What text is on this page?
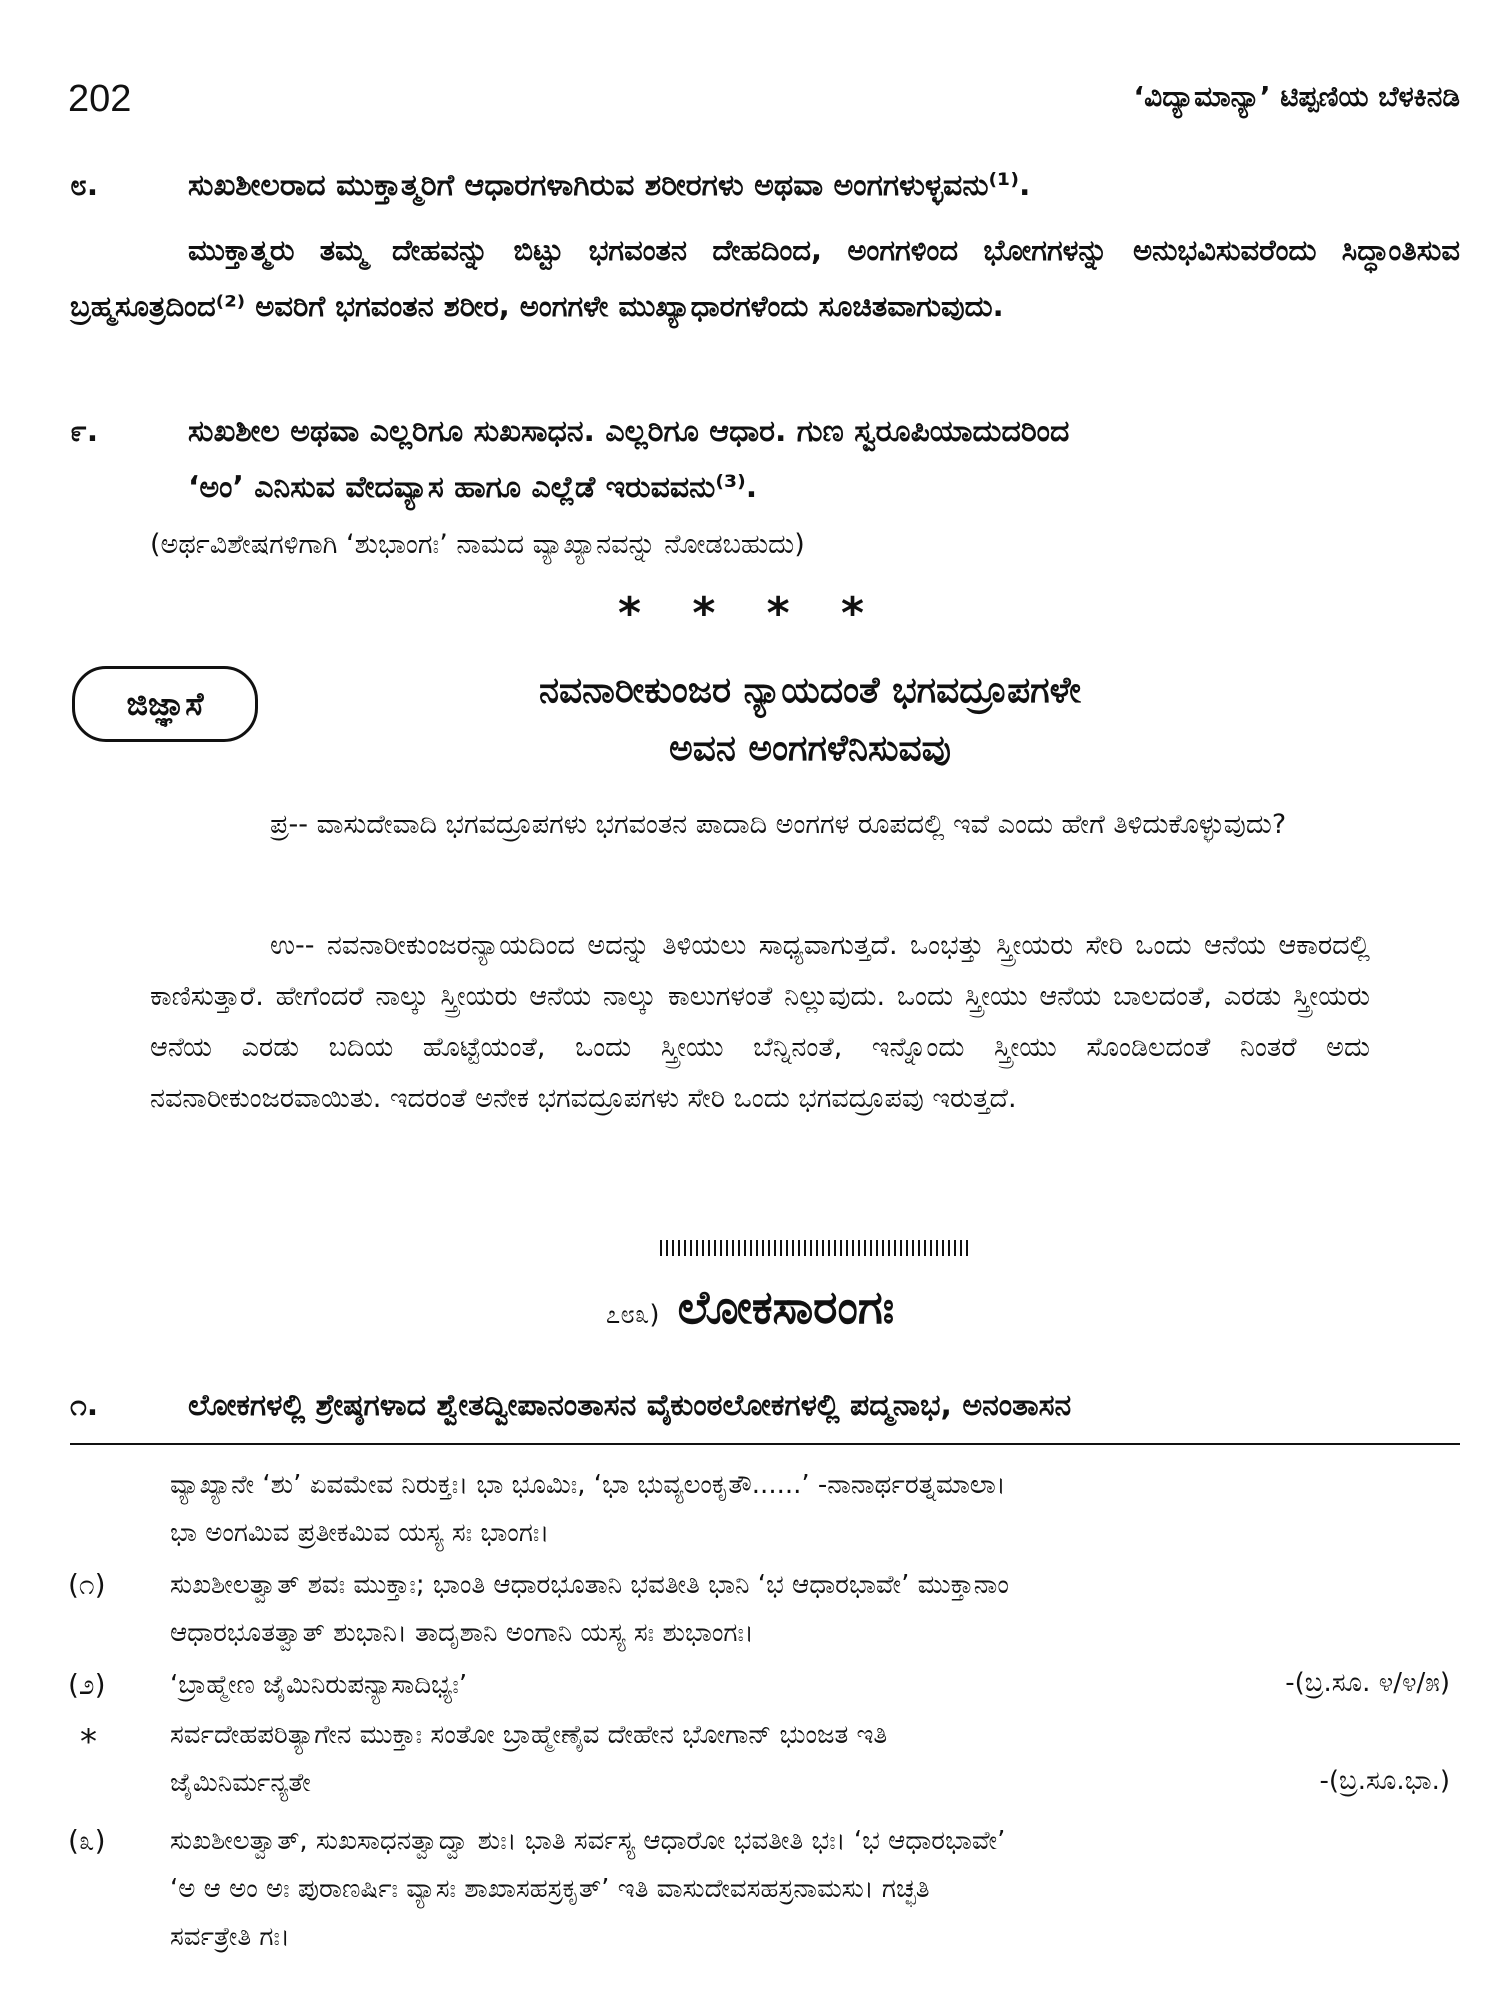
202	‘ವಿದ್ಯಾಮಾನ್ಯಾ’ ಟಿಪ್ಪಣಿಯ ಬೆಳಕಿನಡಿ
೮.	ಸುಖಶೀಲರಾದ ಮುಕ್ತಾತ್ಮರಿಗೆ ಆಧಾರಗಳಾಗಿರುವ ಶರೀರಗಳು ಅಥವಾ ಅಂಗಗಳುಳ್ಳವನು⁽¹⁾.
ಮುಕ್ತಾತ್ಮರು ತಮ್ಮ ದೇಹವನ್ನು ಬಿಟ್ಟು ಭಗವಂತನ ದೇಹದಿಂದ, ಅಂಗಗಳಿಂದ ಭೋಗಗಳನ್ನು ಅನುಭವಿಸುವರೆಂದು ಸಿದ್ಧಾಂತಿಸುವ ಬ್ರಹ್ಮಸೂತ್ರದಿಂದ⁽²⁾ ಅವರಿಗೆ ಭಗವಂತನ ಶರೀರ, ಅಂಗಗಳೇ ಮುಖ್ಯಾಧಾರಗಳೆಂದು ಸೂಚಿತವಾಗುವುದು.
೯.	ಸುಖಶೀಲ ಅಥವಾ ಎಲ್ಲರಿಗೂ ಸುಖಸಾಧನ. ಎಲ್ಲರಿಗೂ ಆಧಾರ. ಗುಣ ಸ್ವರೂಪಿಯಾದುದರಿಂದ
‘ಅಂ’ ಎನಿಸುವ ವೇದವ್ಯಾಸ ಹಾಗೂ ಎಲ್ಲೆಡೆ ಇರುವವನು⁽³⁾.
(ಅರ್ಥವಿಶೇಷಗಳಿಗಾಗಿ ‘ಶುಭಾಂಗಃ’ ನಾಮದ ವ್ಯಾಖ್ಯಾನವನ್ನು ನೋಡಬಹುದು)
* * * *
ಜಿಜ್ಞಾಸೆ	ನವನಾರೀಕುಂಜರ ನ್ಯಾಯದಂತೆ ಭಗವದ್ರೂಪಗಳೇ
ಅವನ ಅಂಗಗಳೆನಿಸುವವು
ಪ್ರ-- ವಾಸುದೇವಾದಿ ಭಗವದ್ರೂಪಗಳು ಭಗವಂತನ ಪಾದಾದಿ ಅಂಗಗಳ ರೂಪದಲ್ಲಿ ಇವೆ ಎಂದು ಹೇಗೆ ತಿಳಿದುಕೊಳ್ಳುವುದು?
ಉ-- ನವನಾರೀಕುಂಜರನ್ಯಾಯದಿಂದ ಅದನ್ನು ತಿಳಿಯಲು ಸಾಧ್ಯವಾಗುತ್ತದೆ. ಒಂಭತ್ತು ಸ್ತ್ರೀಯರು ಸೇರಿ ಒಂದು ಆನೆಯ ಆಕಾರದಲ್ಲಿ ಕಾಣಿಸುತ್ತಾರೆ. ಹೇಗೆಂದರೆ ನಾಲ್ಕು ಸ್ತ್ರೀಯರು ಆನೆಯ ನಾಲ್ಕು ಕಾಲುಗಳಂತೆ ನಿಲ್ಲುವುದು. ಒಂದು ಸ್ತ್ರೀಯು ಆನೆಯ ಬಾಲದಂತೆ, ಎರಡು ಸ್ತ್ರೀಯರು ಆನೆಯ ಎರಡು ಬದಿಯ ಹೊಟ್ಟೆಯಂತೆ, ಒಂದು ಸ್ತ್ರೀಯು ಬೆನ್ನಿನಂತೆ, ಇನ್ನೊಂದು ಸ್ತ್ರೀಯು ಸೊಂಡಿಲದಂತೆ ನಿಂತರೆ ಅದು ನವನಾರೀಕುಂಜರವಾಯಿತು. ಇದರಂತೆ ಅನೇಕ ಭಗವದ್ರೂಪಗಳು ಸೇರಿ ಒಂದು ಭಗವದ್ರೂಪವು ಇರುತ್ತದೆ.
೭೮೩) ಲೋಕಸಾರಂಗಃ
೧.	ಲೋಕಗಳಲ್ಲಿ ಶ್ರೇಷ್ಠಗಳಾದ ಶ್ವೇತದ್ವೀಪಾನಂತಾಸನ ವೈಕುಂಠಲೋಕಗಳಲ್ಲಿ ಪದ್ಮನಾಭ, ಅನಂತಾಸನ
ವ್ಯಾಖ್ಯಾನೇ ‘ಶು’ ಏವಮೇವ ನಿರುಕ್ತಃ। ಭಾ ಭೂಮಿಃ, ‘ಭಾ ಭುವ್ಯಲಂಕೃತೌ......’ -ನಾನಾರ್ಥರತ್ನಮಾಲಾ।
ಭಾ ಅಂಗಮಿವ ಪ್ರತೀಕಮಿವ ಯಸ್ಯ ಸಃ ಭಾಂಗಃ।
(೧) ಸುಖಶೀಲತ್ವಾತ್ ಶವಃ ಮುಕ್ತಾಃ; ಭಾಂತಿ ಆಧಾರಭೂತಾನಿ ಭವತೀತಿ ಭಾನಿ ‘ಭ ಆಧಾರಭಾವೇ’ ಮುಕ್ತಾನಾಂ
ಆಧಾರಭೂತತ್ವಾತ್ ಶುಭಾನಿ। ತಾದೃಶಾನಿ ಅಂಗಾನಿ ಯಸ್ಯ ಸಃ ಶುಭಾಂಗಃ।
(೨) ‘ಬ್ರಾಹ್ಮೇಣ ಜೈಮಿನಿರುಪನ್ಯಾಸಾದಿಭ್ಯಃ’	-(ಬ್ರ.ಸೂ. ೪/೪/೫)
*	ಸರ್ವದೇಹಪರಿತ್ಯಾಗೇನ ಮುಕ್ತಾಃ ಸಂತೋ ಬ್ರಾಹ್ಮೇಣೈವ ದೇಹೇನ ಭೋಗಾನ್ ಭುಂಜತ ಇತಿ
ಜೈಮಿನಿರ್ಮನ್ಯತೇ	-(ಬ್ರ.ಸೂ.ಭಾ.)
(೩) ಸುಖಶೀಲತ್ವಾತ್, ಸುಖಸಾಧನತ್ವಾದ್ವಾ ಶುಃ। ಭಾತಿ ಸರ್ವಸ್ಯ ಆಧಾರೋ ಭವತೀತಿ ಭಃ। ‘ಭ ಆಧಾರಭಾವೇ’
‘ಅ ಆ ಅಂ ಅಃ ಪುರಾಣರ್ಷಿಃ ವ್ಯಾಸಃ ಶಾಖಾಸಹಸ್ರಕೃತ್’ ಇತಿ ವಾಸುದೇವಸಹಸ್ರನಾಮಸು। ಗಚ್ಛತಿ
ಸರ್ವತ್ರೇತಿ ಗಃ।
